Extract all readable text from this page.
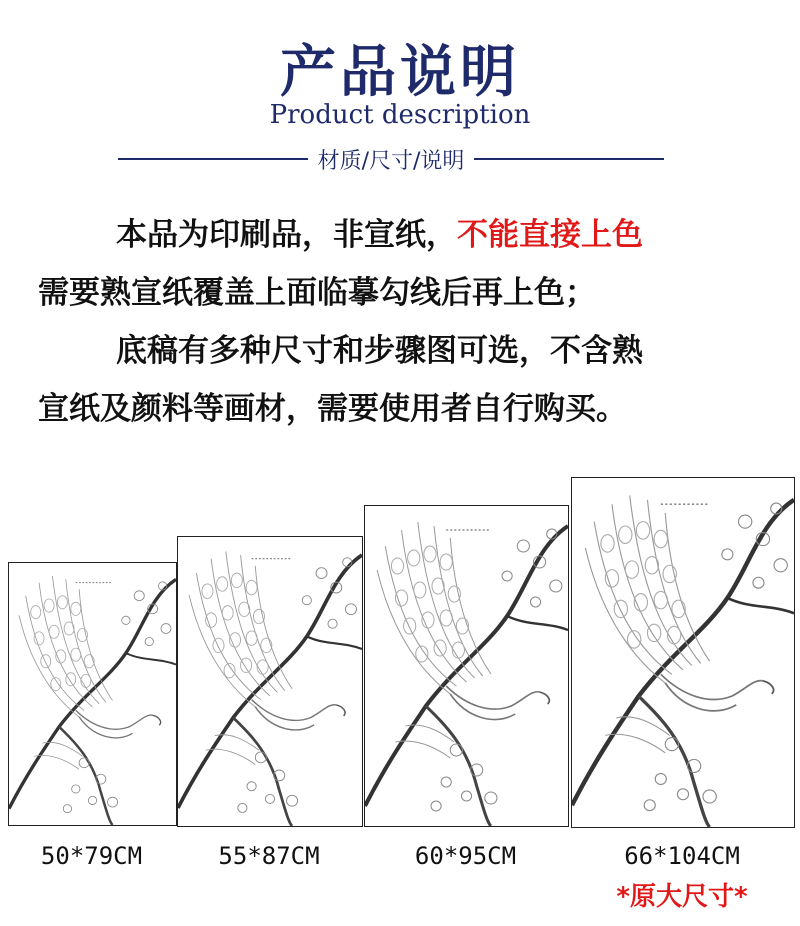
产品说明
Product description
材质/尺寸/说明
本品为印刷品，非宣纸，不能直接上色
需要熟宣纸覆盖上面临摹勾线后再上色；
底稿有多种尺寸和步骤图可选，不含熟
宣纸及颜料等画材，需要使用者自行购买。
50*79CM	55*87CM	60*95CM	66*104CM
*原大尺寸*
